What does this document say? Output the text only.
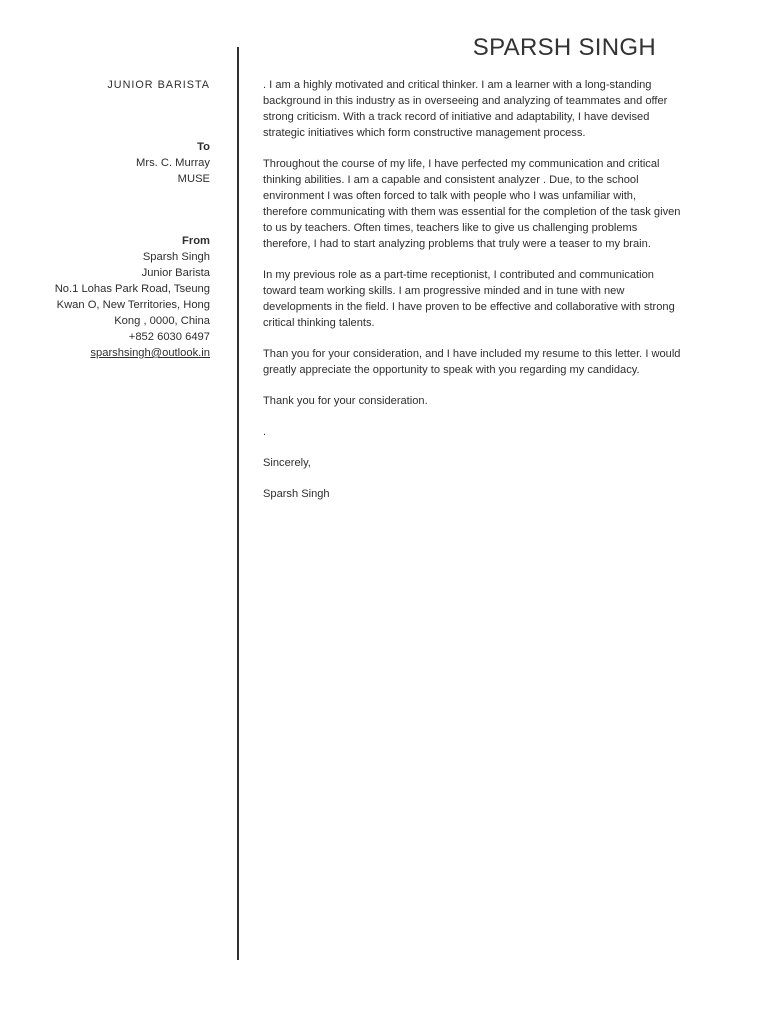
SPARSH SINGH
JUNIOR BARISTA
To
Mrs. C. Murray
MUSE
From
Sparsh Singh
Junior Barista
No.1 Lohas Park Road, Tseung
Kwan O, New Territories, Hong
Kong , 0000, China
+852 6030 6497
sparshsingh@outlook.in

. I am a highly motivated and critical thinker. I am a learner with a long-standing background in this industry as in overseeing and analyzing of teammates and offer strong criticism. With a track record of initiative and adaptability, I have devised strategic initiatives which form constructive management process.

Throughout the course of my life, I have perfected my communication and critical thinking abilities. I am a capable and consistent analyzer . Due, to the school environment I was often forced to talk with people who I was unfamiliar with, therefore communicating with them was essential for the completion of the task given to us by teachers. Often times, teachers like to give us challenging problems therefore, I had to start analyzing problems that truly were a teaser to my brain.

In my previous role as a part-time receptionist, I contributed and communication toward team working skills. I am progressive minded and in tune with new developments in the field. I have proven to be effective and collaborative with strong critical thinking talents.

Than you for your consideration, and I have included my resume to this letter. I would greatly appreciate the opportunity to speak with you regarding my candidacy.

Thank you for your consideration.

.

Sincerely,

Sparsh Singh
